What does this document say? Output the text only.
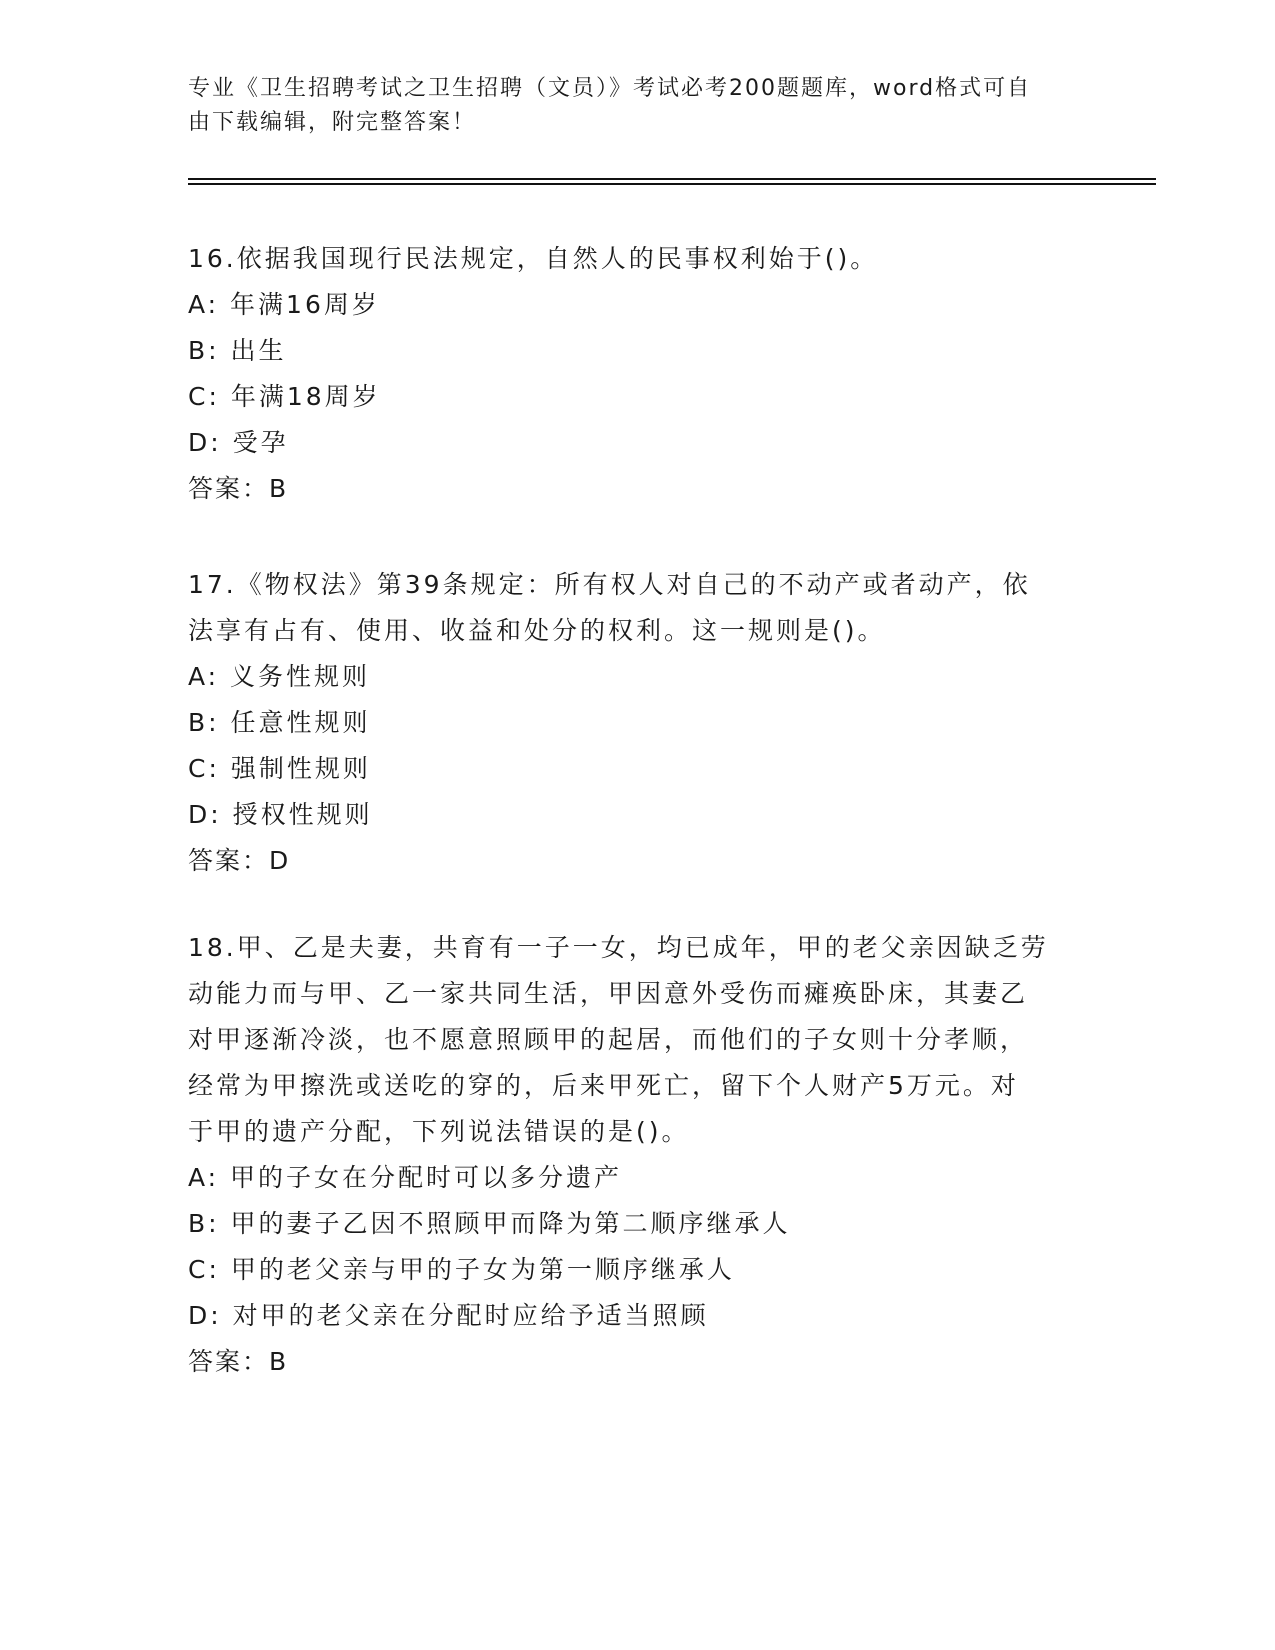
专业《卫生招聘考试之卫生招聘（文员）》考试必考200题题库，word格式可自
由下载编辑，附完整答案！

16.依据我国现行民法规定，自然人的民事权利始于()。

A: 年满16周岁

B: 出生

C: 年满18周岁

D: 受孕

答案：B

17.《物权法》第39条规定：所有权人对自己的不动产或者动产，依

法享有占有、使用、收益和处分的权利。这一规则是()。

A: 义务性规则

B: 任意性规则

C: 强制性规则

D: 授权性规则

答案：D

18.甲、乙是夫妻，共育有一子一女，均已成年，甲的老父亲因缺乏劳

动能力而与甲、乙一家共同生活，甲因意外受伤而瘫痪卧床，其妻乙

对甲逐渐冷淡，也不愿意照顾甲的起居，而他们的子女则十分孝顺，

经常为甲擦洗或送吃的穿的，后来甲死亡，留下个人财产5万元。对

于甲的遗产分配，下列说法错误的是()。

A: 甲的子女在分配时可以多分遗产

B: 甲的妻子乙因不照顾甲而降为第二顺序继承人

C: 甲的老父亲与甲的子女为第一顺序继承人

D: 对甲的老父亲在分配时应给予适当照顾

答案：B
